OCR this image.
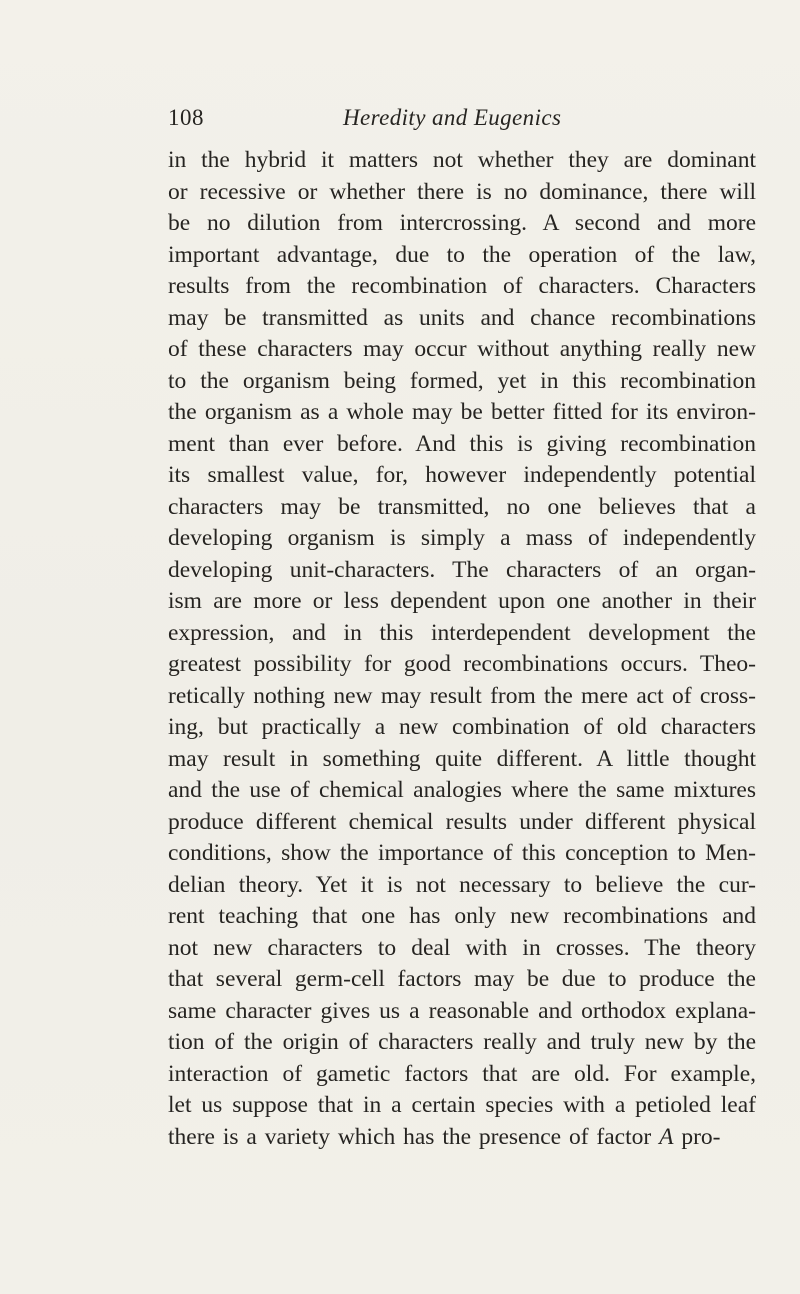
108	Heredity and Eugenics
in the hybrid it matters not whether they are dominant
or recessive or whether there is no dominance, there will
be no dilution from intercrossing. A second and more
important advantage, due to the operation of the law,
results from the recombination of characters. Characters
may be transmitted as units and chance recombinations
of these characters may occur without anything really new
to the organism being formed, yet in this recombination
the organism as a whole may be better fitted for its environ-
ment than ever before. And this is giving recombination
its smallest value, for, however independently potential
characters may be transmitted, no one believes that a
developing organism is simply a mass of independently
developing unit-characters. The characters of an organ-
ism are more or less dependent upon one another in their
expression, and in this interdependent development the
greatest possibility for good recombinations occurs. Theo-
retically nothing new may result from the mere act of cross-
ing, but practically a new combination of old characters
may result in something quite different. A little thought
and the use of chemical analogies where the same mixtures
produce different chemical results under different physical
conditions, show the importance of this conception to Men-
delian theory. Yet it is not necessary to believe the cur-
rent teaching that one has only new recombinations and
not new characters to deal with in crosses. The theory
that several germ-cell factors may be due to produce the
same character gives us a reasonable and orthodox explana-
tion of the origin of characters really and truly new by the
interaction of gametic factors that are old. For example,
let us suppose that in a certain species with a petioled leaf
there is a variety which has the presence of factor A pro-
